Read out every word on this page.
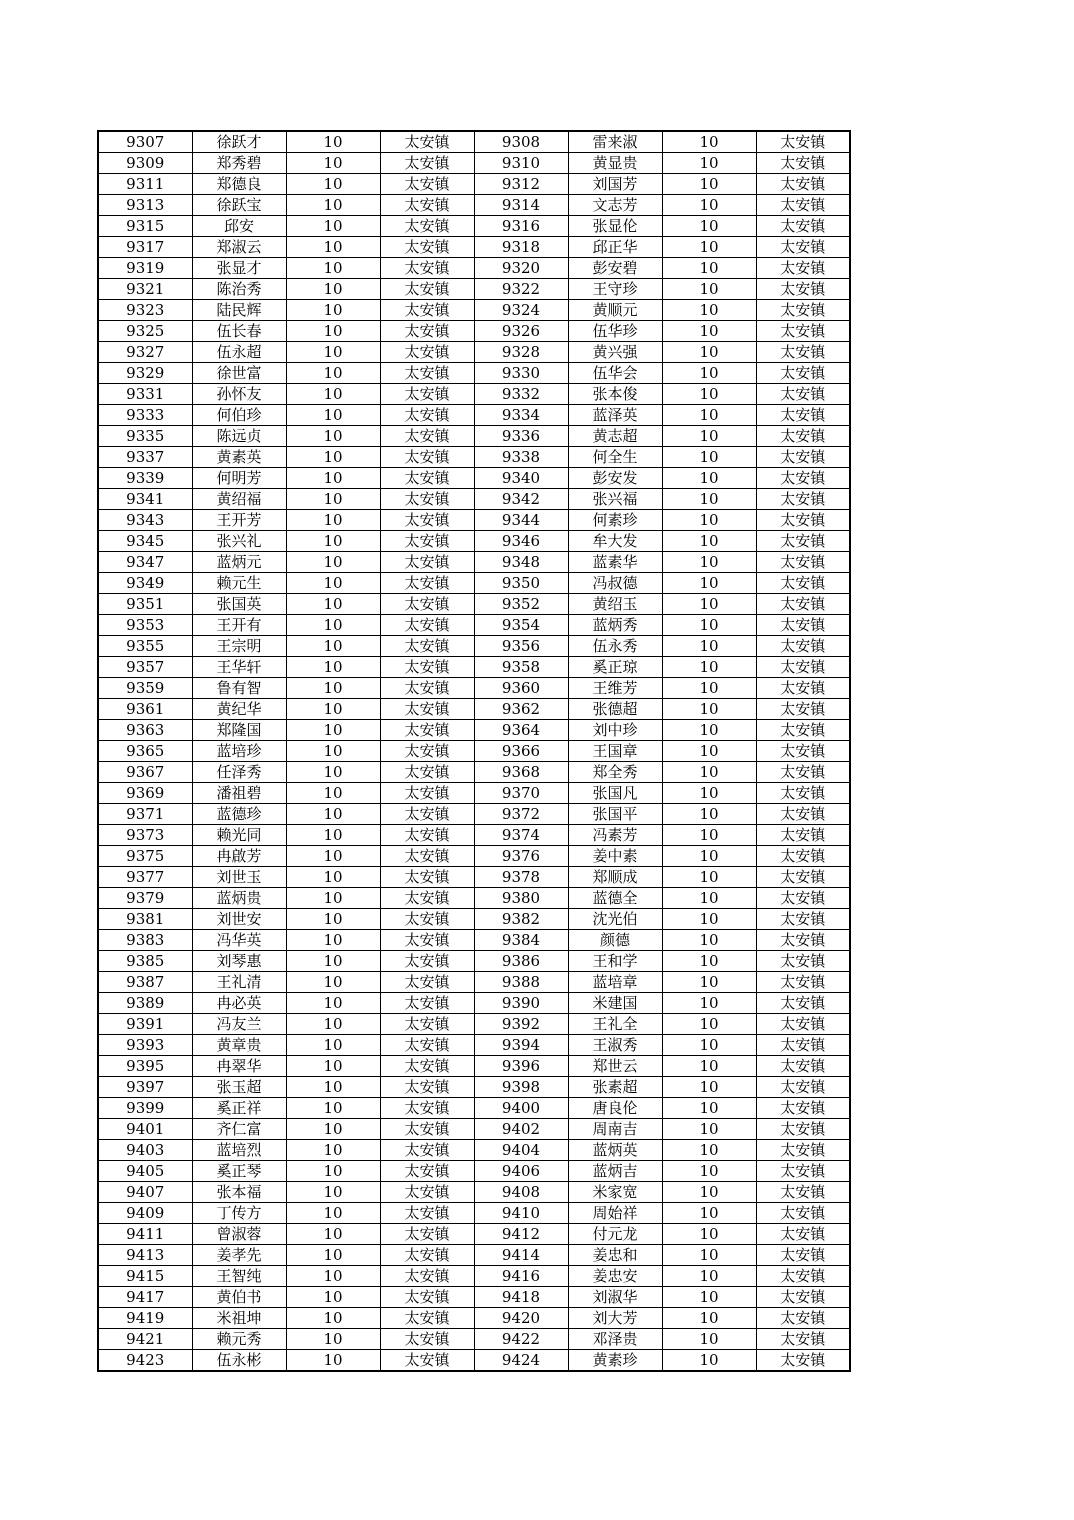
9307	徐跃才	10	太安镇	9308	雷来淑	10	太安镇
9309	郑秀碧	10	太安镇	9310	黄显贵	10	太安镇
9311	郑德良	10	太安镇	9312	刘国芳	10	太安镇
9313	徐跃宝	10	太安镇	9314	文志芳	10	太安镇
9315	邱安	10	太安镇	9316	张显伦	10	太安镇
9317	郑淑云	10	太安镇	9318	邱正华	10	太安镇
9319	张显才	10	太安镇	9320	彭安碧	10	太安镇
9321	陈治秀	10	太安镇	9322	王守珍	10	太安镇
9323	陆民辉	10	太安镇	9324	黄顺元	10	太安镇
9325	伍长春	10	太安镇	9326	伍华珍	10	太安镇
9327	伍永超	10	太安镇	9328	黄兴强	10	太安镇
9329	徐世富	10	太安镇	9330	伍华会	10	太安镇
9331	孙怀友	10	太安镇	9332	张本俊	10	太安镇
9333	何伯珍	10	太安镇	9334	蓝泽英	10	太安镇
9335	陈远贞	10	太安镇	9336	黄志超	10	太安镇
9337	黄素英	10	太安镇	9338	何全生	10	太安镇
9339	何明芳	10	太安镇	9340	彭安发	10	太安镇
9341	黄绍福	10	太安镇	9342	张兴福	10	太安镇
9343	王开芳	10	太安镇	9344	何素珍	10	太安镇
9345	张兴礼	10	太安镇	9346	牟大发	10	太安镇
9347	蓝炳元	10	太安镇	9348	蓝素华	10	太安镇
9349	赖元生	10	太安镇	9350	冯叔德	10	太安镇
9351	张国英	10	太安镇	9352	黄绍玉	10	太安镇
9353	王开有	10	太安镇	9354	蓝炳秀	10	太安镇
9355	王宗明	10	太安镇	9356	伍永秀	10	太安镇
9357	王华轩	10	太安镇	9358	奚正琼	10	太安镇
9359	鲁有智	10	太安镇	9360	王维芳	10	太安镇
9361	黄纪华	10	太安镇	9362	张德超	10	太安镇
9363	郑隆国	10	太安镇	9364	刘中珍	10	太安镇
9365	蓝培珍	10	太安镇	9366	王国章	10	太安镇
9367	任泽秀	10	太安镇	9368	郑全秀	10	太安镇
9369	潘祖碧	10	太安镇	9370	张国凡	10	太安镇
9371	蓝德珍	10	太安镇	9372	张国平	10	太安镇
9373	赖光同	10	太安镇	9374	冯素芳	10	太安镇
9375	冉啟芳	10	太安镇	9376	姜中素	10	太安镇
9377	刘世玉	10	太安镇	9378	郑顺成	10	太安镇
9379	蓝炳贵	10	太安镇	9380	蓝德全	10	太安镇
9381	刘世安	10	太安镇	9382	沈光伯	10	太安镇
9383	冯华英	10	太安镇	9384	颜德	10	太安镇
9385	刘琴惠	10	太安镇	9386	王和学	10	太安镇
9387	王礼清	10	太安镇	9388	蓝培章	10	太安镇
9389	冉必英	10	太安镇	9390	米建国	10	太安镇
9391	冯友兰	10	太安镇	9392	王礼全	10	太安镇
9393	黄章贵	10	太安镇	9394	王淑秀	10	太安镇
9395	冉翠华	10	太安镇	9396	郑世云	10	太安镇
9397	张玉超	10	太安镇	9398	张素超	10	太安镇
9399	奚正祥	10	太安镇	9400	唐良伦	10	太安镇
9401	齐仁富	10	太安镇	9402	周南吉	10	太安镇
9403	蓝培烈	10	太安镇	9404	蓝炳英	10	太安镇
9405	奚正琴	10	太安镇	9406	蓝炳吉	10	太安镇
9407	张本福	10	太安镇	9408	米家宽	10	太安镇
9409	丁传方	10	太安镇	9410	周始祥	10	太安镇
9411	曾淑蓉	10	太安镇	9412	付元龙	10	太安镇
9413	姜孝先	10	太安镇	9414	姜忠和	10	太安镇
9415	王智纯	10	太安镇	9416	姜忠安	10	太安镇
9417	黄伯书	10	太安镇	9418	刘淑华	10	太安镇
9419	米祖坤	10	太安镇	9420	刘大芳	10	太安镇
9421	赖元秀	10	太安镇	9422	邓泽贵	10	太安镇
9423	伍永彬	10	太安镇	9424	黄素珍	10	太安镇
